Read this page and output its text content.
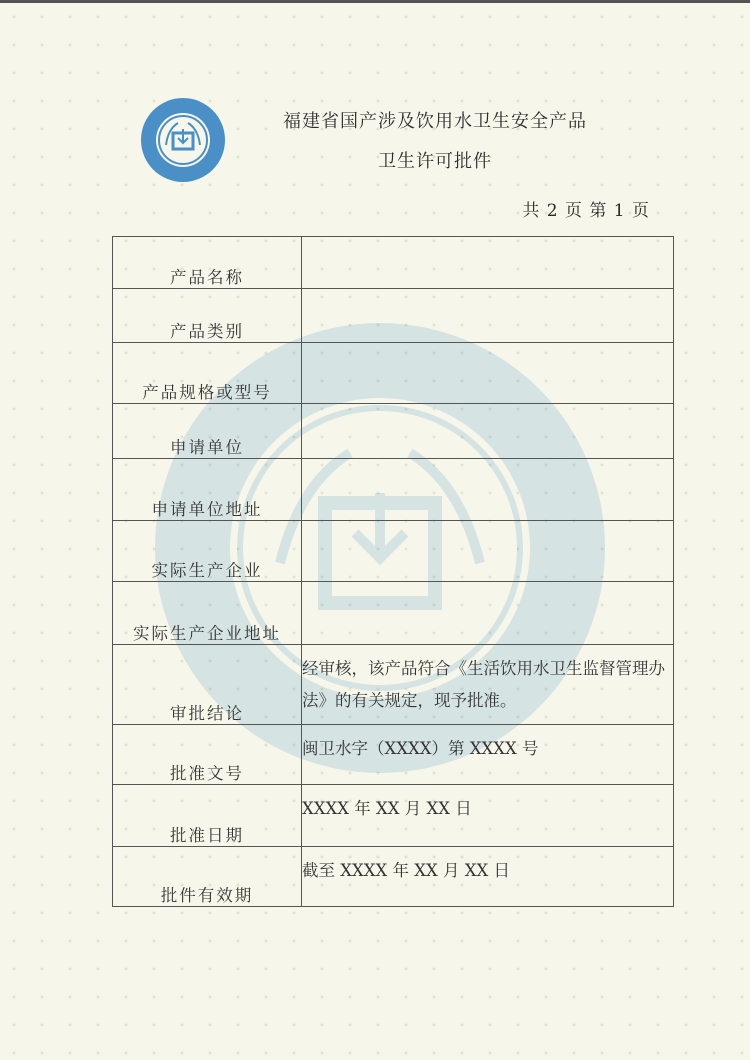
福建省国产涉及饮用水卫生安全产品
卫生许可批件
共 2 页 第 1 页
产品名称	
产品类别	
产品规格或型号	
申请单位	
申请单位地址	
实际生产企业	
实际生产企业地址	
审批结论	经审核，该产品符合《生活饮用水卫生监督管理办法》的有关规定，现予批准。
批准文号	闽卫水字（XXXX）第 XXXX 号
批准日期	XXXX 年 XX 月 XX 日
批件有效期	截至 XXXX 年 XX 月 XX 日
